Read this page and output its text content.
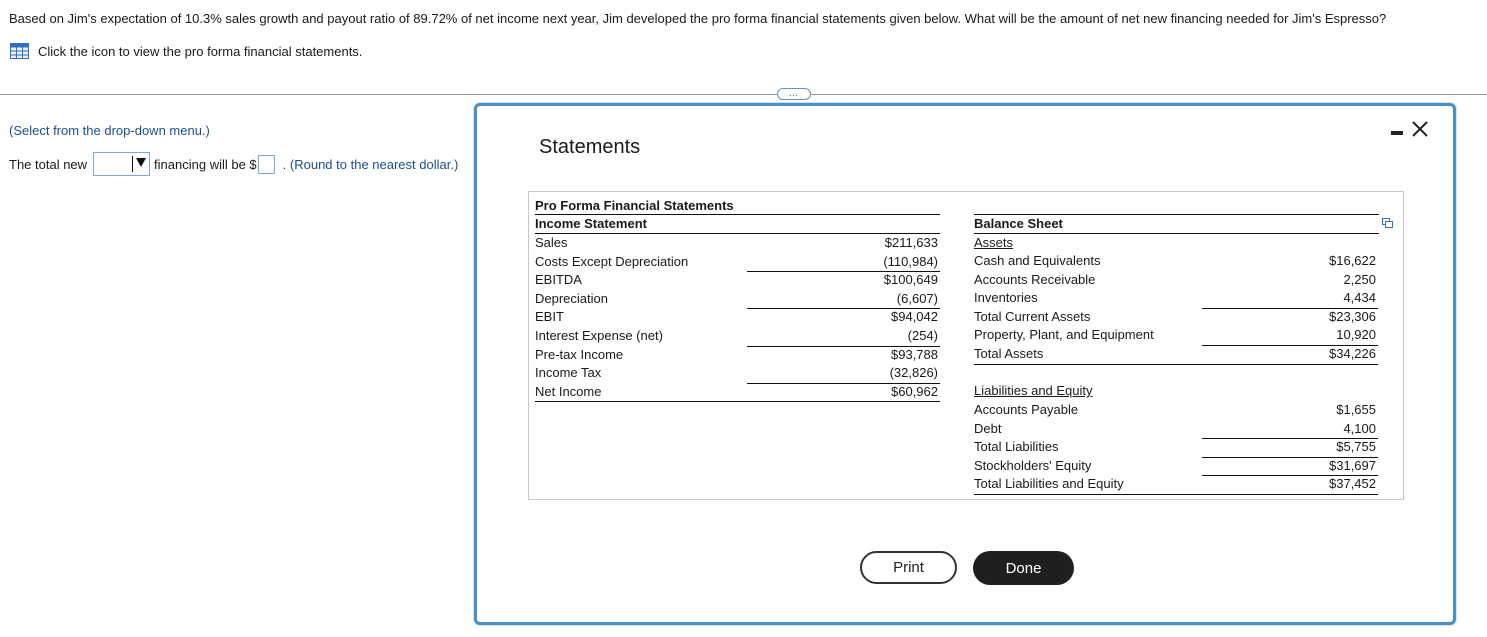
Based on Jim's expectation of 10.3% sales growth and payout ratio of 89.72% of net income next year, Jim developed the pro forma financial statements given below. What will be the amount of net new financing needed for Jim's Espresso?
Click the icon to view the pro forma financial statements.
…
(Select from the drop-down menu.)
The total new	financing will be $ . (Round to the nearest dollar.)
Statements
Pro Forma Financial Statements
Income Statement
Sales	$211,633
Costs Except Depreciation	(110,984)
EBITDA	$100,649
Depreciation	(6,607)
EBIT	$94,042
Interest Expense (net)	(254)
Pre-tax Income	$93,788
Income Tax	(32,826)
Net Income	$60,962
Balance Sheet
Assets
Cash and Equivalents	$16,622
Accounts Receivable	2,250
Inventories	4,434
Total Current Assets	$23,306
Property, Plant, and Equipment	10,920
Total Assets	$34,226
Liabilities and Equity
Accounts Payable	$1,655
Debt	4,100
Total Liabilities	$5,755
Stockholders' Equity	$31,697
Total Liabilities and Equity	$37,452
Print	Done
